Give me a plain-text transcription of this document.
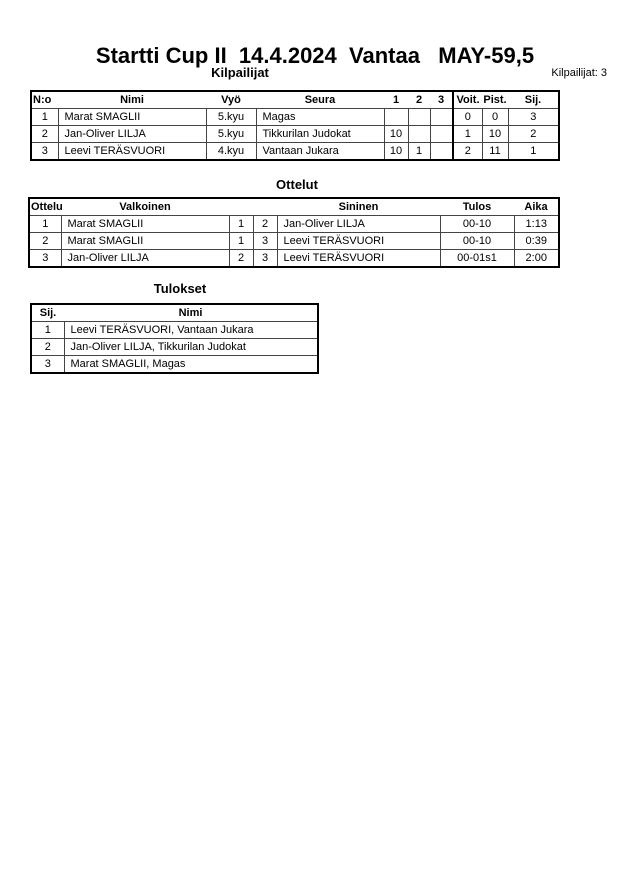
Startti Cup II  14.4.2024  Vantaa   MAY-59,5
Kilpailijat	Kilpailijat: 3
N:o	Nimi	Vyö	Seura	1	2	3	Voit.	Pist.	Sij.
1	Marat SMAGLII	5.kyu	Magas				0	0	3
2	Jan-Oliver LILJA	5.kyu	Tikkurilan Judokat	10			1	10	2
3	Leevi TERÄSVUORI	4.kyu	Vantaan Jukara	10	1		2	11	1
Ottelut
Ottelu	Valkoinen			Sininen	Tulos	Aika
1	Marat SMAGLII	1	2	Jan-Oliver LILJA	00-10	1:13
2	Marat SMAGLII	1	3	Leevi TERÄSVUORI	00-10	0:39
3	Jan-Oliver LILJA	2	3	Leevi TERÄSVUORI	00-01s1	2:00
Tulokset
Sij.	Nimi
1	Leevi TERÄSVUORI, Vantaan Jukara
2	Jan-Oliver LILJA, Tikkurilan Judokat
3	Marat SMAGLII, Magas
